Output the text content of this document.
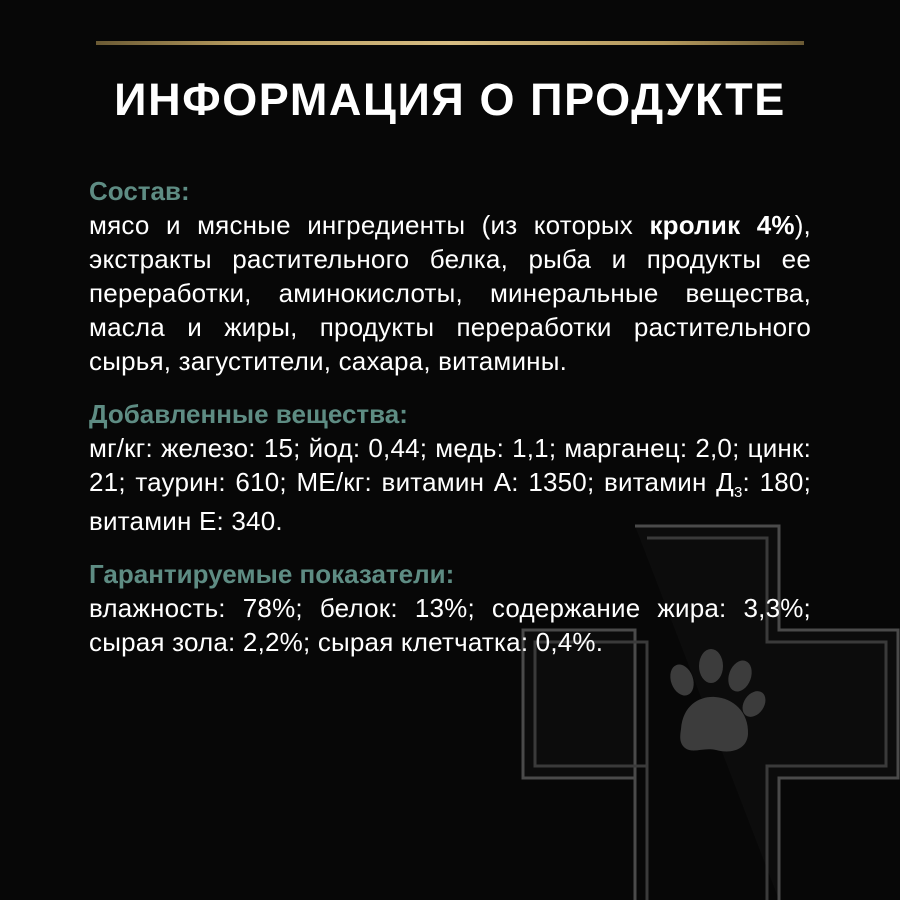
ИНФОРМАЦИЯ О ПРОДУКТЕ

Состав:

мясо и мясные ингредиенты (из которых кролик 4%), экстракты растительного белка, рыба и продукты ее переработки, аминокислоты, минеральные вещества, масла и жиры, продукты переработки растительного сырья, загустители, сахара, витамины.

Добавленные вещества:

мг/кг: железо: 15; йод: 0,44; медь: 1,1; марганец: 2,0; цинк: 21; таурин: 610; МЕ/кг: витамин А: 1350; витамин $Д_3$: 180; витамин Е: 340.

Гарантируемые показатели:

влажность: 78%; белок: 13%; содержание жира: 3,3%; сырая зола: 2,2%; сырая клетчатка: 0,4%.
